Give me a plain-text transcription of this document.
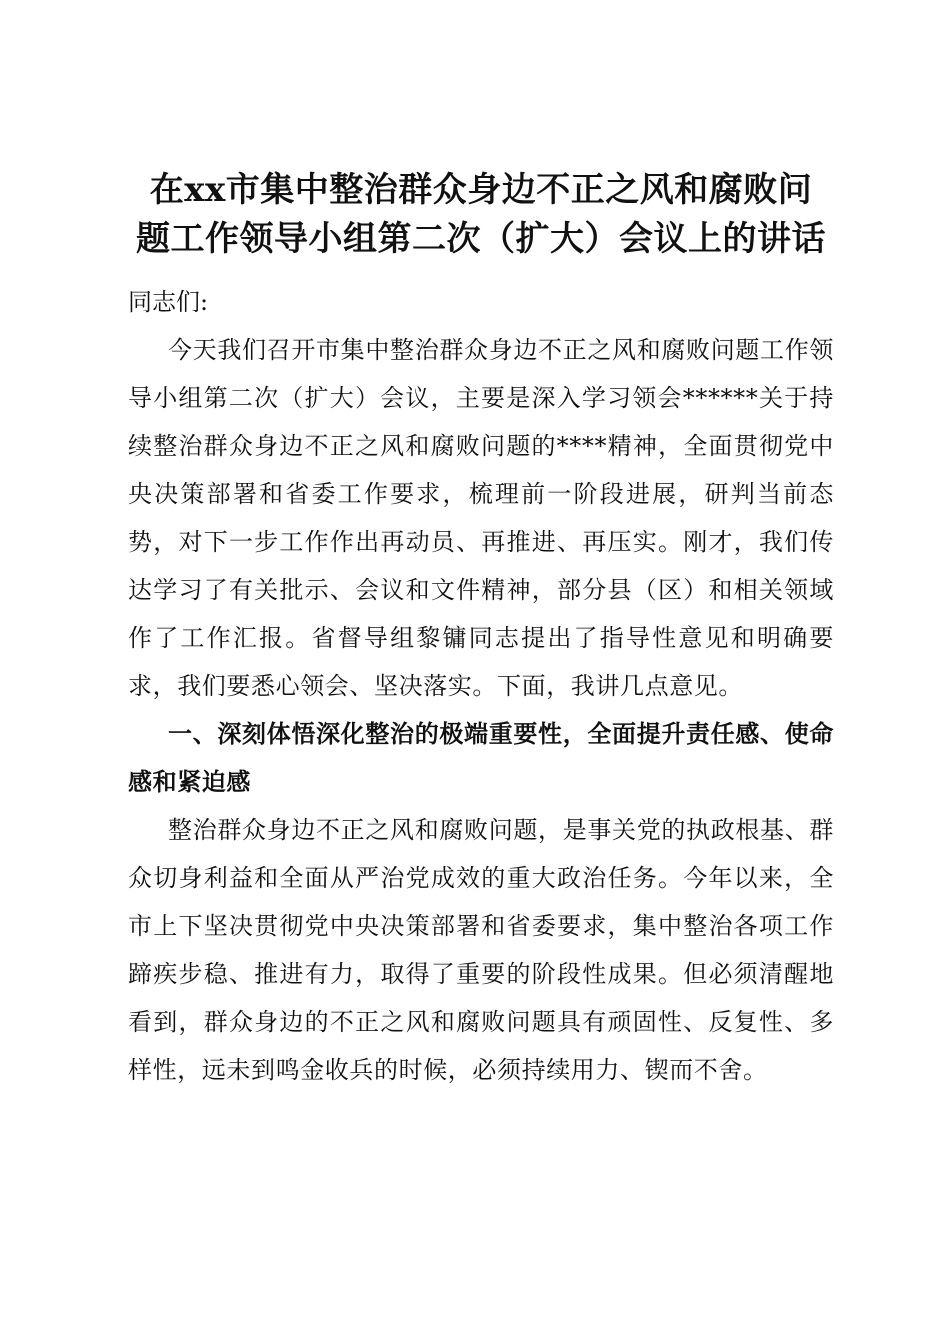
在xx市集中整治群众身边不正之风和腐败问
题工作领导小组第二次（扩大）会议上的讲话

同志们:

今天我们召开市集中整治群众身边不正之风和腐败问题工作领导小组第二次（扩大）会议，主要是深入学习领会******关于持续整治群众身边不正之风和腐败问题的****精神，全面贯彻党中央决策部署和省委工作要求，梳理前一阶段进展，研判当前态势，对下一步工作作出再动员、再推进、再压实。刚才，我们传达学习了有关批示、会议和文件精神，部分县（区）和相关领域作了工作汇报。省督导组黎镛同志提出了指导性意见和明确要求，我们要悉心领会、坚决落实。下面，我讲几点意见。

一、深刻体悟深化整治的极端重要性，全面提升责任感、使命感和紧迫感

整治群众身边不正之风和腐败问题，是事关党的执政根基、群众切身利益和全面从严治党成效的重大政治任务。今年以来，全市上下坚决贯彻党中央决策部署和省委要求，集中整治各项工作蹄疾步稳、推进有力，取得了重要的阶段性成果。但必须清醒地看到，群众身边的不正之风和腐败问题具有顽固性、反复性、多样性，远未到鸣金收兵的时候，必须持续用力、锲而不舍。
